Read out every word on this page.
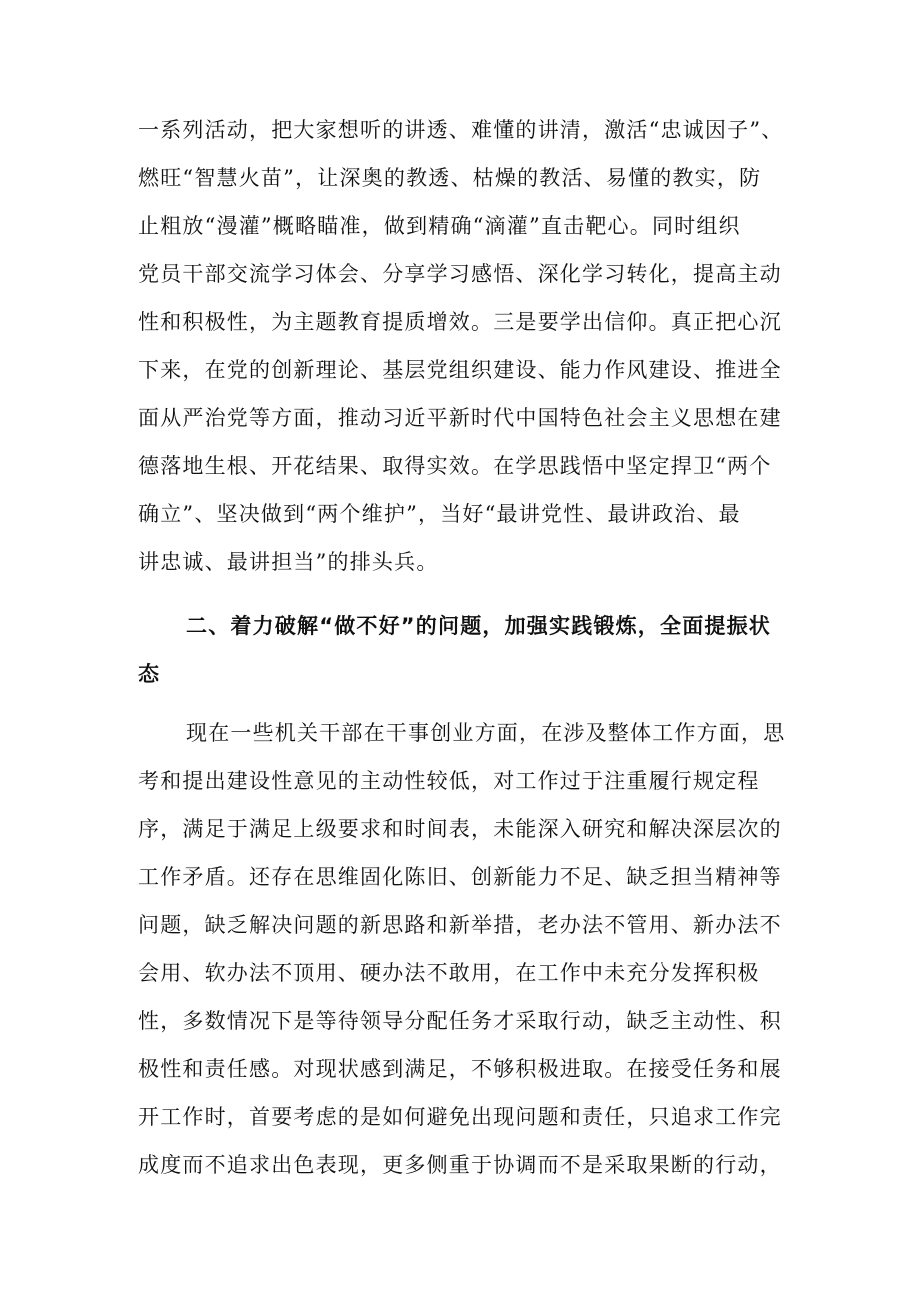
一系列活动，把大家想听的讲透、难懂的讲清，激活“忠诚因子”、
燃旺“智慧火苗”，让深奥的教透、枯燥的教活、易懂的教实，防
止粗放“漫灌”概略瞄准，做到精确“滴灌”直击靶心。同时组织
党员干部交流学习体会、分享学习感悟、深化学习转化，提高主动
性和积极性，为主题教育提质增效。三是要学出信仰。真正把心沉
下来，在党的创新理论、基层党组织建设、能力作风建设、推进全
面从严治党等方面，推动习近平新时代中国特色社会主义思想在建
德落地生根、开花结果、取得实效。在学思践悟中坚定捍卫“两个
确立”、坚决做到“两个维护”，当好“最讲党性、最讲政治、最
讲忠诚、最讲担当”的排头兵。
二、着力破解“做不好”的问题，加强实践锻炼，全面提振状
态
现在一些机关干部在干事创业方面，在涉及整体工作方面，思
考和提出建设性意见的主动性较低，对工作过于注重履行规定程
序，满足于满足上级要求和时间表，未能深入研究和解决深层次的
工作矛盾。还存在思维固化陈旧、创新能力不足、缺乏担当精神等
问题，缺乏解决问题的新思路和新举措，老办法不管用、新办法不
会用、软办法不顶用、硬办法不敢用，在工作中未充分发挥积极
性，多数情况下是等待领导分配任务才采取行动，缺乏主动性、积
极性和责任感。对现状感到满足，不够积极进取。在接受任务和展
开工作时，首要考虑的是如何避免出现问题和责任，只追求工作完
成度而不追求出色表现，更多侧重于协调而不是采取果断的行动，
